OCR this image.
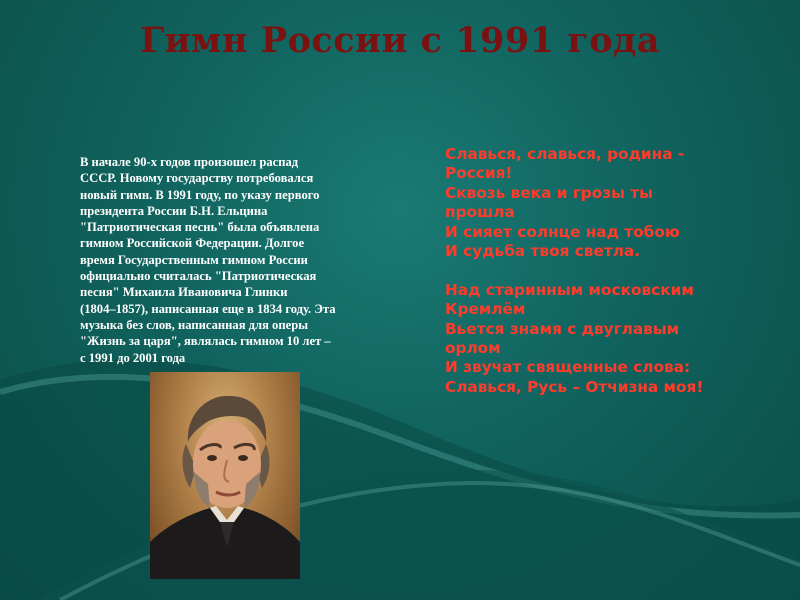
Гимн России с 1991 года
В начале 90-х годов произошел распад
СССР. Новому государству потребовался
новый гимн. В 1991 году, по указу первого
президента России Б.Н. Ельцина
"Патриотическая песнь" была объявлена
гимном Российской Федерации. Долгое
время Государственным гимном России
официально считалась "Патриотическая
песня" Михаила Ивановича Глинки
(1804–1857), написанная еще в 1834 году. Эта
музыка без слов, написанная для оперы
"Жизнь за царя", являлась гимном 10 лет –
с 1991 до 2001 года
Славься, славься, родина -
Россия!
Сквозь века и грозы ты
прошла
И сияет солнце над тобою
И судьба твоя светла.

Над старинным московским
Кремлём
Вьется знамя с двуглавым
орлом
И звучат священные слова:
Славься, Русь – Отчизна моя!
